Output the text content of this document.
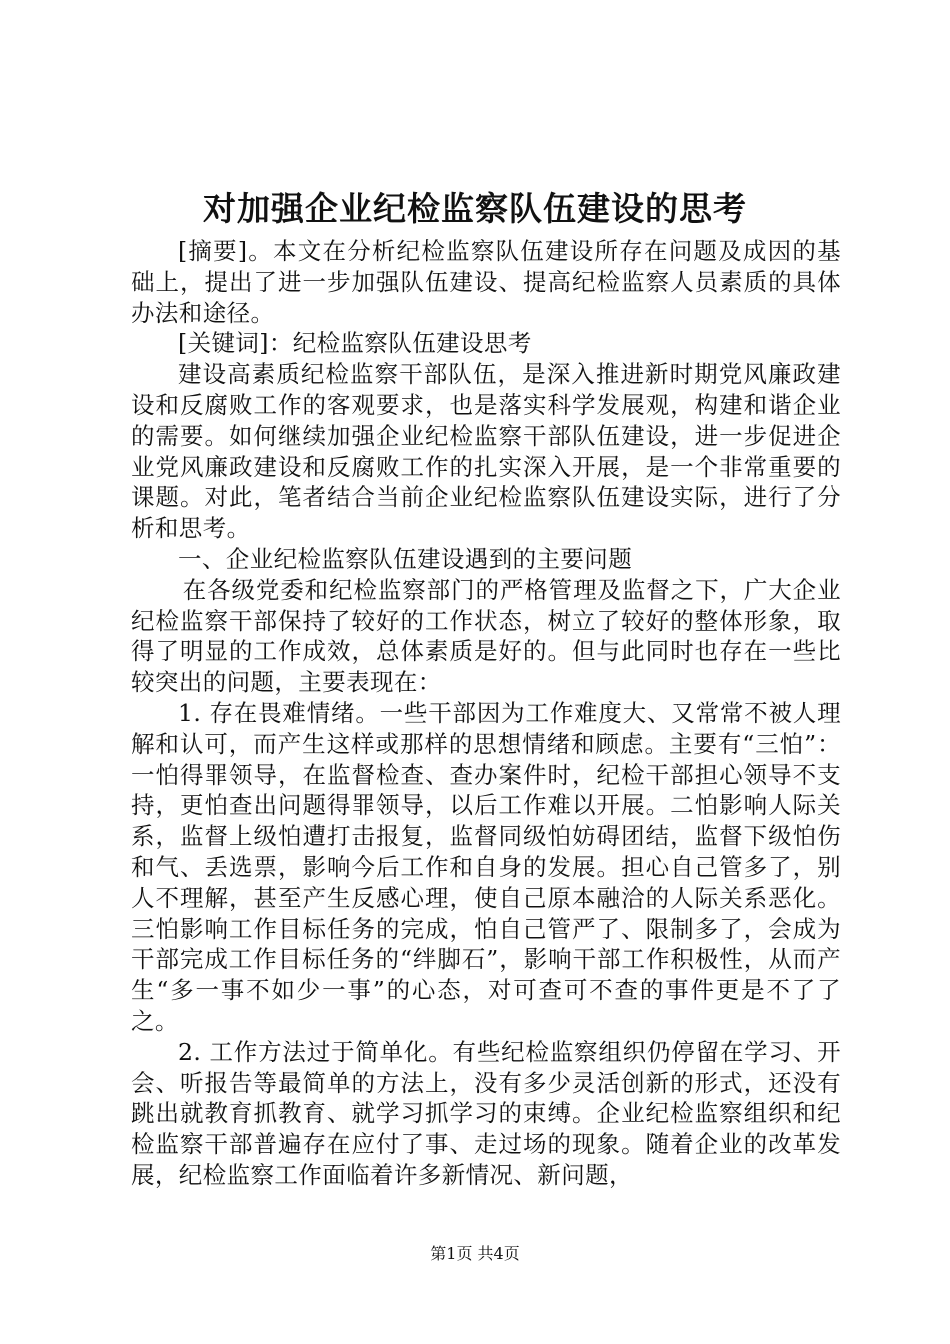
对加强企业纪检监察队伍建设的思考

[摘要]。本文在分析纪检监察队伍建设所存在问题及成因的基础上，提出了进一步加强队伍建设、提高纪检监察人员素质的具体办法和途径。

[关键词]：纪检监察队伍建设思考

建设高素质纪检监察干部队伍，是深入推进新时期党风廉政建设和反腐败工作的客观要求，也是落实科学发展观，构建和谐企业的需要。如何继续加强企业纪检监察干部队伍建设，进一步促进企业党风廉政建设和反腐败工作的扎实深入开展，是一个非常重要的课题。对此，笔者结合当前企业纪检监察队伍建设实际，进行了分析和思考。

一、企业纪检监察队伍建设遇到的主要问题

在各级党委和纪检监察部门的严格管理及监督之下，广大企业纪检监察干部保持了较好的工作状态，树立了较好的整体形象，取得了明显的工作成效，总体素质是好的。但与此同时也存在一些比较突出的问题，主要表现在：

1. 存在畏难情绪。一些干部因为工作难度大、又常常不被人理解和认可，而产生这样或那样的思想情绪和顾虑。主要有“三怕”：一怕得罪领导，在监督检查、查办案件时，纪检干部担心领导不支持，更怕查出问题得罪领导，以后工作难以开展。二怕影响人际关系，监督上级怕遭打击报复，监督同级怕妨碍团结，监督下级怕伤和气、丢选票，影响今后工作和自身的发展。担心自己管多了，别人不理解，甚至产生反感心理，使自己原本融洽的人际关系恶化。三怕影响工作目标任务的完成，怕自己管严了、限制多了，会成为干部完成工作目标任务的“绊脚石”，影响干部工作积极性，从而产生“多一事不如少一事”的心态，对可查可不查的事件更是不了了之。

2. 工作方法过于简单化。有些纪检监察组织仍停留在学习、开会、听报告等最简单的方法上，没有多少灵活创新的形式，还没有跳出就教育抓教育、就学习抓学习的束缚。企业纪检监察组织和纪检监察干部普遍存在应付了事、走过场的现象。随着企业的改革发展，纪检监察工作面临着许多新情况、新问题，

第1页 共4页
